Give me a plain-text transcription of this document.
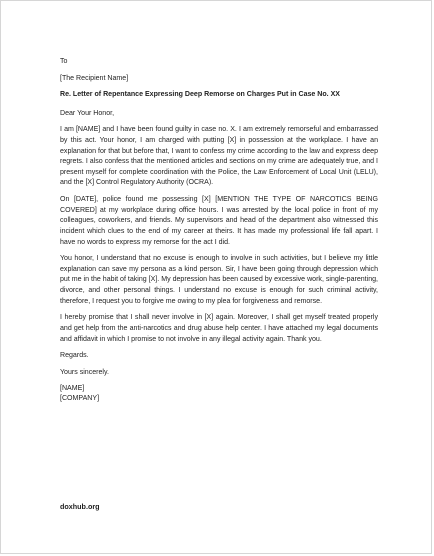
To

[The Recipient Name]

Re. Letter of Repentance Expressing Deep Remorse on Charges Put in Case No. XX

Dear Your Honor,

I am [NAME] and I have been found guilty in case no. X. I am extremely remorseful and embarrassed by this act. Your honor, I am charged with putting [X] in possession at the workplace. I have an explanation for that but before that, I want to confess my crime according to the law and express deep regrets. I also confess that the mentioned articles and sections on my crime are adequately true, and I present myself for complete coordination with the Police, the Law Enforcement of Local Unit (LELU), and the [X] Control Regulatory Authority (OCRA).

On [DATE], police found me possessing [X] [MENTION THE TYPE OF NARCOTICS BEING COVERED] at my workplace during office hours. I was arrested by the local police in front of my colleagues, coworkers, and friends. My supervisors and head of the department also witnessed this incident which clues to the end of my career at theirs. It has made my professional life fall apart. I have no words to express my remorse for the act I did.

You honor, I understand that no excuse is enough to involve in such activities, but I believe my little explanation can save my persona as a kind person. Sir, I have been going through depression which put me in the habit of taking [X]. My depression has been caused by excessive work, single-parenting, divorce, and other personal things. I understand no excuse is enough for such criminal activity, therefore, I request you to forgive me owing to my plea for forgiveness and remorse.

I hereby promise that I shall never involve in [X] again. Moreover, I shall get myself treated properly and get help from the anti-narcotics and drug abuse help center. I have attached my legal documents and affidavit in which I promise to not involve in any illegal activity again. Thank you.

Regards.

Yours sincerely.

[NAME]

[COMPANY]

doxhub.org
